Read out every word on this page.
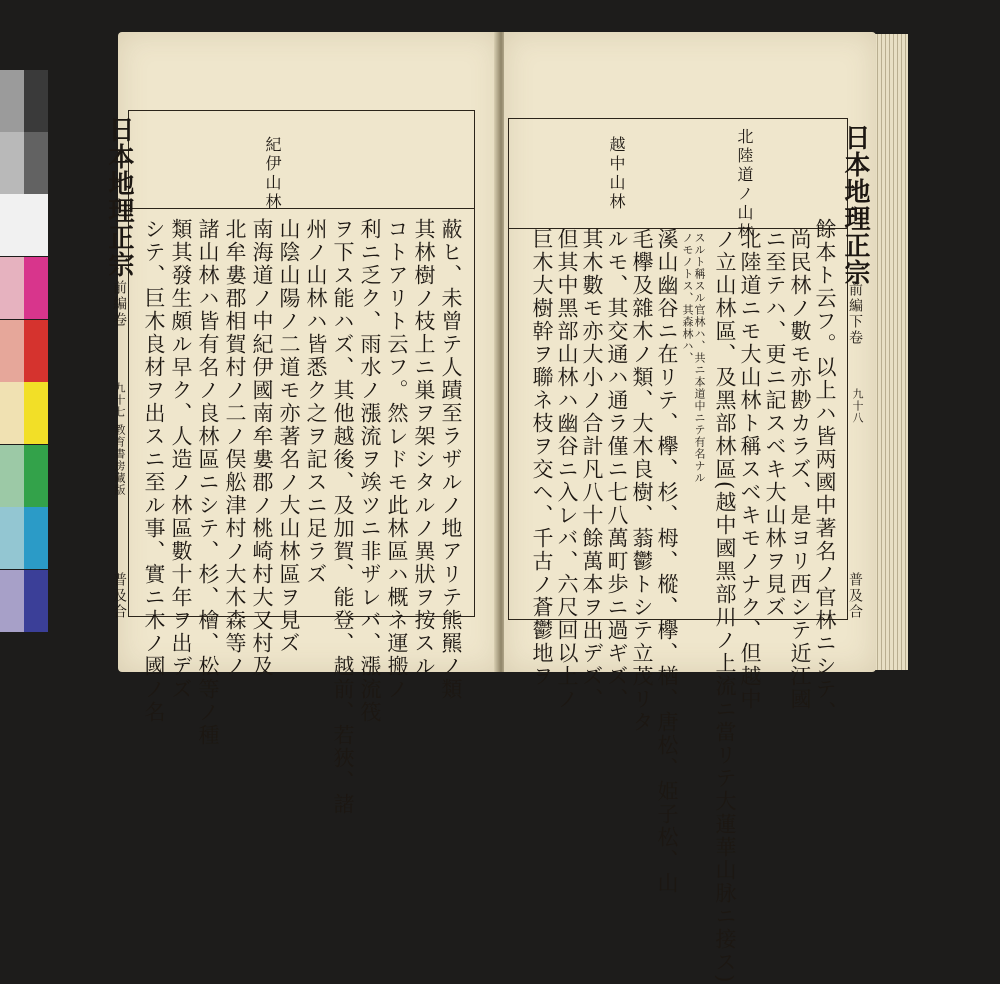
紀伊山林
蔽ヒ、未曾テ人蹟至ラザルノ地アリテ熊羆ノ類
其林樹ノ枝上ニ巣ヲ架シタルノ異狀ヲ按スル
コトアリト云フ。然レドモ此林區ハ概ネ運搬ノ
利ニ乏ク、雨水ノ漲流ヲ竢ツニ非ザレバ、漲流筏
ヲ下ス能ハズ、其他越後、及加賀、能登、越前、若狹、諸
州ノ山林ハ皆悉ク之ヲ記スニ足ラズ
山陰山陽ノ二道モ亦著名ノ大山林區ヲ見ズ
南海道ノ中紀伊國南牟婁郡ノ桃崎村大又村及
北牟婁郡相賀村ノ二ノ俣舩津村ノ大木森等ノ
諸山林ハ皆有名ノ良林區ニシテ、杉、檜、松等ノ種
類其發生頗ル早ク、人造ノ林區數十年ヲ出デズ
シテ、巨木良材ヲ出スニ至ル事、實ニ木ノ國ノ名
日本地理正宗
前編卷
九十七
教育書房藏版
普及合
北陸道ノ山林
越中山林
餘本ト云フ。以上ハ皆两國中著名ノ官林ニシテ、
尚民林ノ數モ亦尠カラズ、是ヨリ西シテ近江國
ニ至テハ、更ニ記スベキ大山林ヲ見ズ
北陸道ニモ大山林ト稱スベキモノナク、但越中
ノ立山林區、及黑部林區(越中國黑部川ノ上流ニ當リテ大蓮華山脉ニ接ス)
スルト稱スル官林ハ、共ニ本道中ニテ有名ナル
ノモノトス、其森林ハ、
溪山幽谷ニ在リテ、欅、杉、栂、樅、欅、楢、唐松、姫子松、山
毛欅及雜木ノ類、大木良樹、蓊鬱トシテ立茂リタ
ルモ、其交通ハ通ラ僅ニ七八萬町歩ニ過ギズ、
其木數モ亦大小ノ合計凡八十餘萬本ヲ出デズ、
但其中黑部山林ハ幽谷ニ入レバ、六尺回以上ノ
巨木大樹幹ヲ聯ネ枝ヲ交ヘ、千古ノ蒼鬱地ヲ
日本地理正宗
前編下卷
九十八
普及合
